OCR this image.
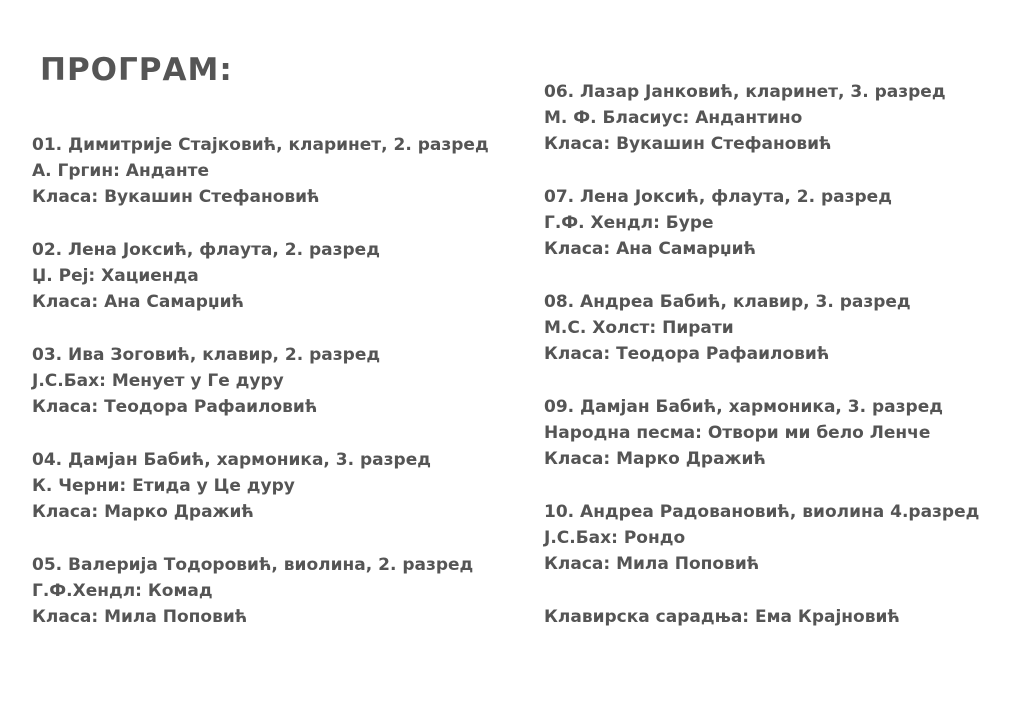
ПРОГРАМ:
01. Димитрије Стајковић, кларинет, 2. разред
А. Гргин: Анданте
Класа: Вукашин Стефановић
02. Лена Јоксић, флаута, 2. разред
Џ. Реј: Хациенда
Класа: Ана Самарџић
03. Ива Зоговић, клавир, 2. разред
Ј.С.Бах: Менует у Ге дуру
Класа: Теодора Рафаиловић
04. Дамјан Бабић, хармоника, 3. разред
К. Черни: Етида у Це дуру
Класа: Марко Дражић
05. Валерија Тодоровић, виолина, 2. разред
Г.Ф.Хендл: Комад
Класа: Мила Поповић
06. Лазар Јанковић, кларинет, 3. разред
М. Ф. Бласиус: Андантино
Класа: Вукашин Стефановић
07. Лена Јоксић, флаута, 2. разред
Г.Ф. Хендл: Буре
Класа: Ана Самарџић
08. Андреа Бабић, клавир, 3. разред
М.С. Холст: Пирати
Класа: Теодора Рафаиловић
09. Дамјан Бабић, хармоника, 3. разред
Народна песма: Отвори ми бело Ленче
Класа: Марко Дражић
10. Андреа Радовановић, виолина 4.разред
Ј.С.Бах: Рондо
Класа: Мила Поповић
Клавирска сарадња: Ема Крајновић
